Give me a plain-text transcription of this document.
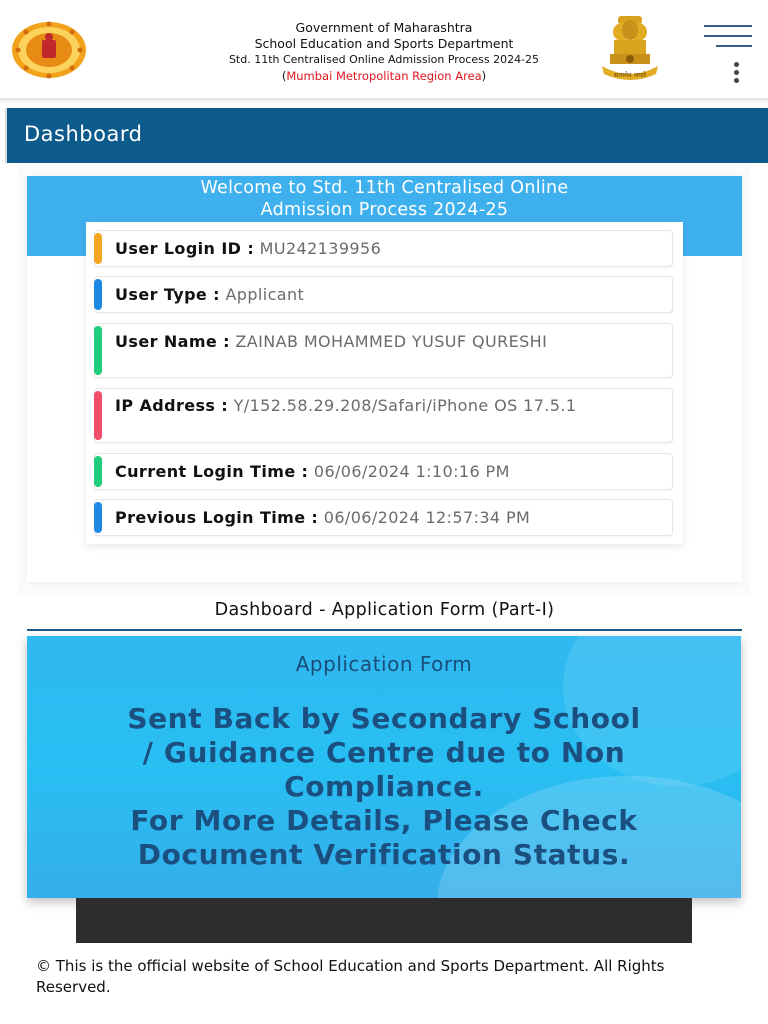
Government of Maharashtra
School Education and Sports Department
Std. 11th Centralised Online Admission Process 2024-25
(Mumbai Metropolitan Region Area)	सत्यमेव जयते
Dashboard
Welcome to Std. 11th Centralised Online
Admission Process 2024-25
User Login ID : MU242139956
User Type : Applicant
User Name : ZAINAB MOHAMMED YUSUF QURESHI
IP Address : Y/152.58.29.208/Safari/iPhone OS 17.5.1
Current Login Time : 06/06/2024 1:10:16 PM
Previous Login Time : 06/06/2024 12:57:34 PM
Dashboard - Application Form (Part-I)
Application Form
Sent Back by Secondary School
/ Guidance Centre due to Non
Compliance.
For More Details, Please Check
Document Verification Status.
© This is the official website of School Education and Sports Department. All Rights Reserved.
